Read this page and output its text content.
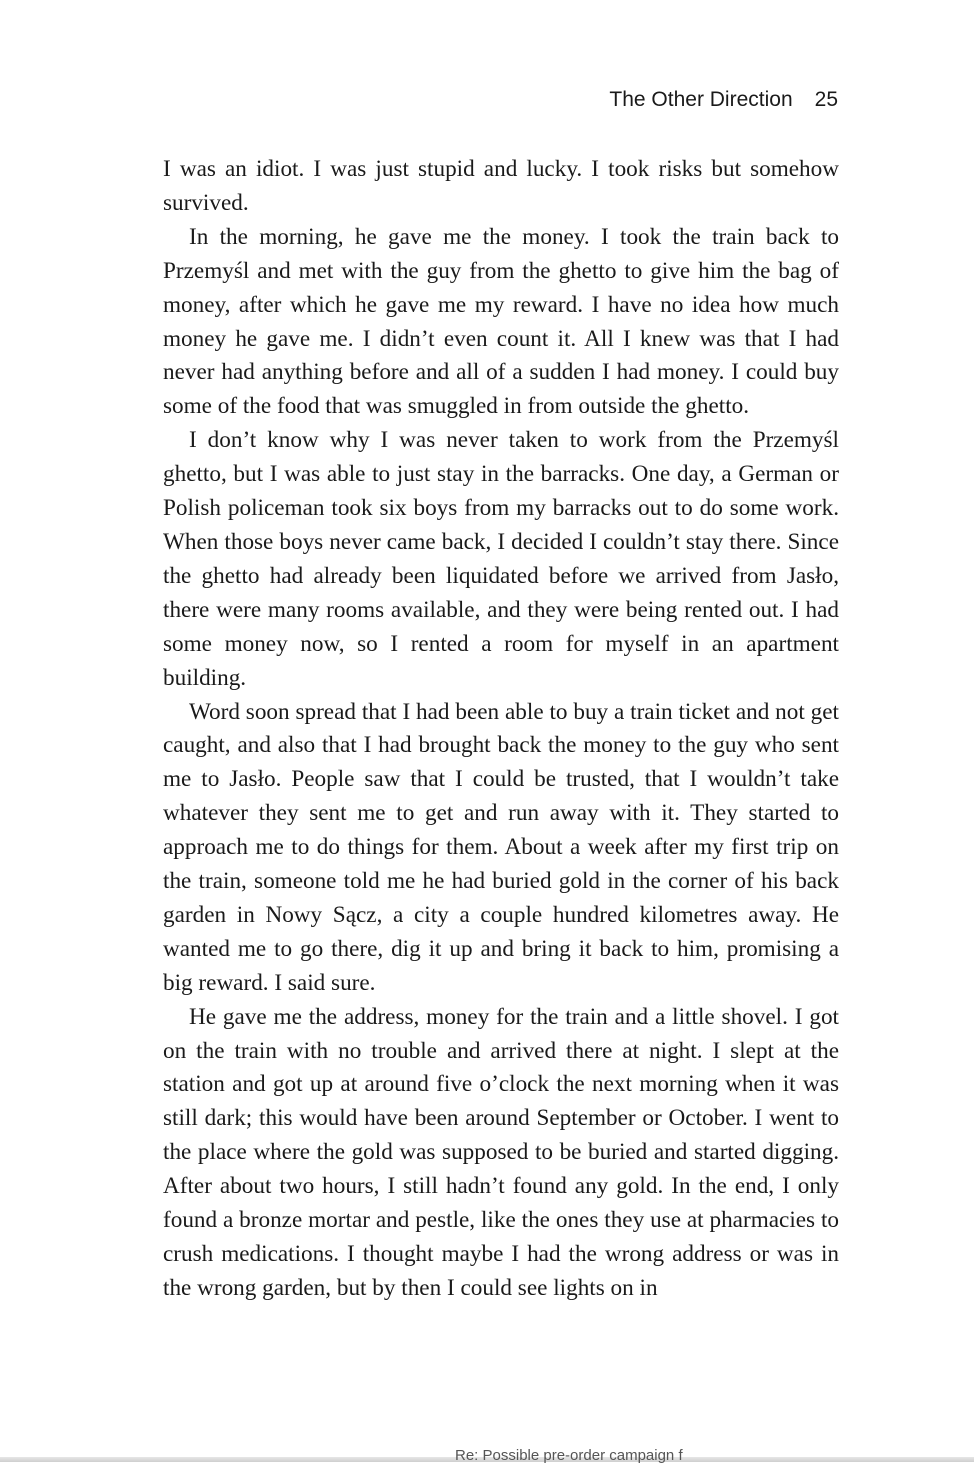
The Other Direction 25

I was an idiot. I was just stupid and lucky. I took risks but somehow survived.

In the morning, he gave me the money. I took the train back to Przemyśl and met with the guy from the ghetto to give him the bag of money, after which he gave me my reward. I have no idea how much money he gave me. I didn’t even count it. All I knew was that I had never had anything before and all of a sudden I had money. I could buy some of the food that was smuggled in from outside the ghetto.

I don’t know why I was never taken to work from the Przemyśl ghetto, but I was able to just stay in the barracks. One day, a German or Polish policeman took six boys from my barracks out to do some work. When those boys never came back, I decided I couldn’t stay there. Since the ghetto had already been liquidated before we arrived from Jasło, there were many rooms available, and they were being rented out. I had some money now, so I rented a room for myself in an apartment building.

Word soon spread that I had been able to buy a train ticket and not get caught, and also that I had brought back the money to the guy who sent me to Jasło. People saw that I could be trusted, that I wouldn’t take whatever they sent me to get and run away with it. They started to approach me to do things for them. About a week after my first trip on the train, someone told me he had buried gold in the corner of his back garden in Nowy Sącz, a city a couple hundred kilometres away. He wanted me to go there, dig it up and bring it back to him, promising a big reward. I said sure.

He gave me the address, money for the train and a little shovel. I got on the train with no trouble and arrived there at night. I slept at the station and got up at around five o’clock the next morning when it was still dark; this would have been around September or October. I went to the place where the gold was supposed to be buried and started digging. After about two hours, I still hadn’t found any gold. In the end, I only found a bronze mortar and pestle, like the ones they use at pharmacies to crush medications. I thought maybe I had the wrong address or was in the wrong garden, but by then I could see lights on in

Re: Possible pre-order campaign f
